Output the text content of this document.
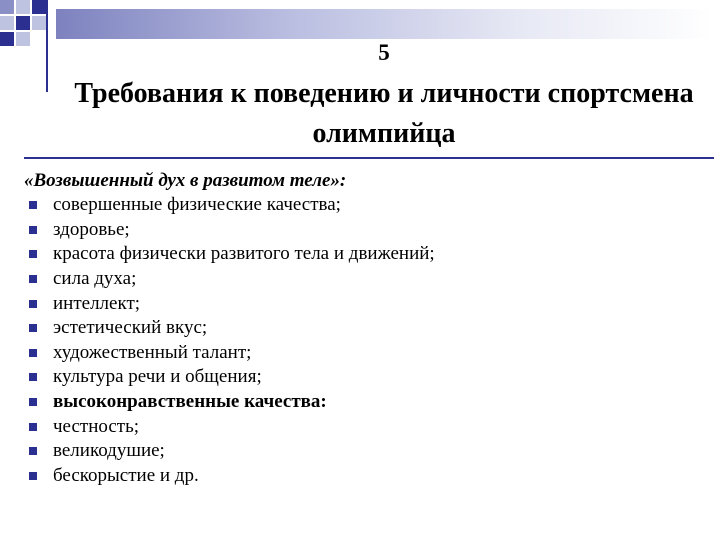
5
Требования к поведению и личности спортсмена олимпийца
«Возвышенный дух в развитом теле»:
совершенные физические качества;
здоровье;
красота физически развитого тела и движений;
сила духа;
интеллект;
эстетический вкус;
художественный талант;
культура речи и общения;
высоконравственные качества:
честность;
великодушие;
бескорыстие и др.
